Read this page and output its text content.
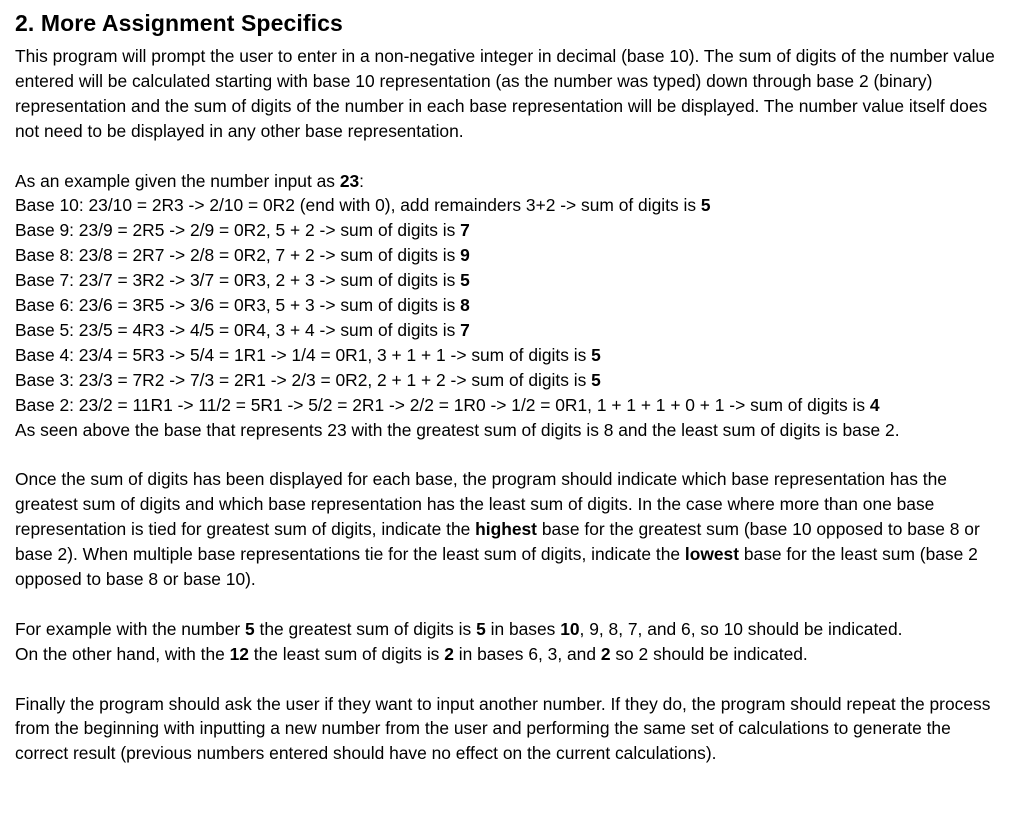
2. More Assignment Specifics

This program will prompt the user to enter in a non-negative integer in decimal (base 10). The sum of digits of the number value entered will be calculated starting with base 10 representation (as the number was typed) down through base 2 (binary) representation and the sum of digits of the number in each base representation will be displayed. The number value itself does not need to be displayed in any other base representation.

As an example given the number input as 23:
Base 10: 23/10 = 2R3 -> 2/10 = 0R2 (end with 0), add remainders 3+2 -> sum of digits is 5
Base 9: 23/9 = 2R5 -> 2/9 = 0R2, 5 + 2 -> sum of digits is 7
Base 8: 23/8 = 2R7 -> 2/8 = 0R2, 7 + 2 -> sum of digits is 9
Base 7: 23/7 = 3R2 -> 3/7 = 0R3, 2 + 3 -> sum of digits is 5
Base 6: 23/6 = 3R5 -> 3/6 = 0R3, 5 + 3 -> sum of digits is 8
Base 5: 23/5 = 4R3 -> 4/5 = 0R4, 3 + 4 -> sum of digits is 7
Base 4: 23/4 = 5R3 -> 5/4 = 1R1 -> 1/4 = 0R1, 3 + 1 + 1 -> sum of digits is 5
Base 3: 23/3 = 7R2 -> 7/3 = 2R1 -> 2/3 = 0R2, 2 + 1 + 2 -> sum of digits is 5
Base 2: 23/2 = 11R1 -> 11/2 = 5R1 -> 5/2 = 2R1 -> 2/2 = 1R0 -> 1/2 = 0R1, 1 + 1 + 1 + 0 + 1 -> sum of digits is 4
As seen above the base that represents 23 with the greatest sum of digits is 8 and the least sum of digits is base 2.

Once the sum of digits has been displayed for each base, the program should indicate which base representation has the greatest sum of digits and which base representation has the least sum of digits. In the case where more than one base representation is tied for greatest sum of digits, indicate the highest base for the greatest sum (base 10 opposed to base 8 or base 2). When multiple base representations tie for the least sum of digits, indicate the lowest base for the least sum (base 2 opposed to base 8 or base 10).

For example with the number 5 the greatest sum of digits is 5 in bases 10, 9, 8, 7, and 6, so 10 should be indicated.
On the other hand, with the 12 the least sum of digits is 2 in bases 6, 3, and 2 so 2 should be indicated.

Finally the program should ask the user if they want to input another number. If they do, the program should repeat the process from the beginning with inputting a new number from the user and performing the same set of calculations to generate the correct result (previous numbers entered should have no effect on the current calculations).
